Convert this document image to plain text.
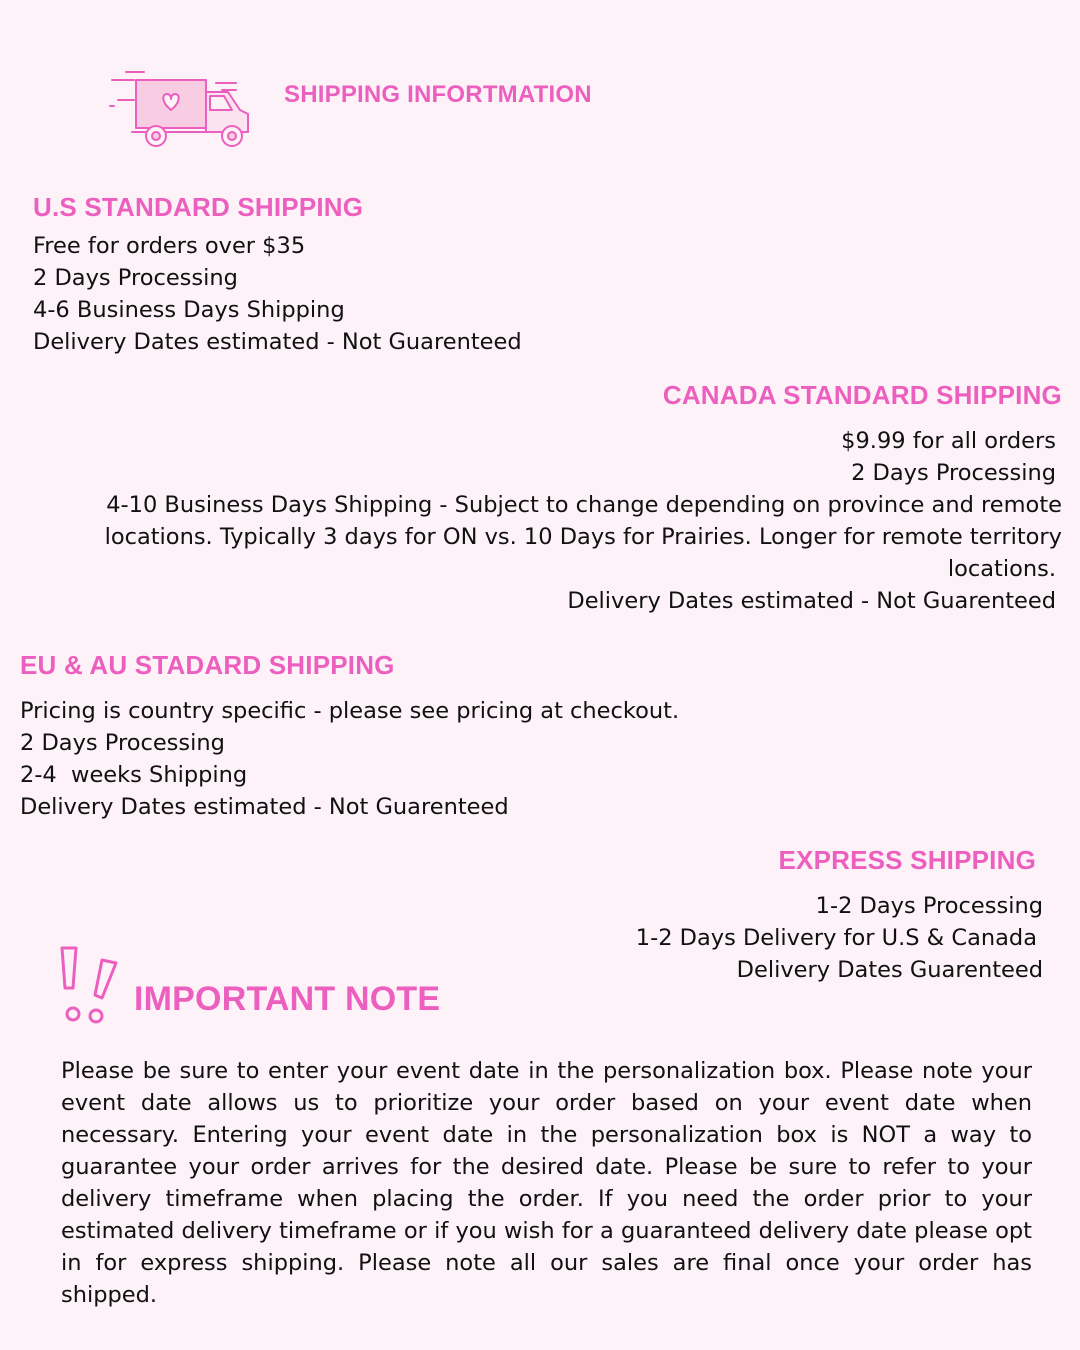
SHIPPING INFORTMATION
U.S STANDARD SHIPPING
Free for orders over $35
2 Days Processing
4-6 Business Days Shipping
Delivery Dates estimated - Not Guarenteed
CANADA STANDARD SHIPPING
$9.99 for all orders
2 Days Processing
4-10 Business Days Shipping - Subject to change depending on province and remote
locations. Typically 3 days for ON vs. 10 Days for Prairies. Longer for remote territory
locations.
Delivery Dates estimated - Not Guarenteed
EU & AU STADARD SHIPPING
Pricing is country specific - please see pricing at checkout.
2 Days Processing
2-4  weeks Shipping
Delivery Dates estimated - Not Guarenteed
EXPRESS SHIPPING
1-2 Days Processing
1-2 Days Delivery for U.S & Canada
Delivery Dates Guarenteed
IMPORTANT NOTE
Please be sure to enter your event date in the personalization box. Please note your event date allows us to prioritize your order based on your event date when necessary. Entering your event date in the personalization box is NOT a way to guarantee your order arrives for the desired date. Please be sure to refer to your delivery timeframe when placing the order. If you need the order prior to your estimated delivery timeframe or if you wish for a guaranteed delivery date please opt in for express shipping. Please note all our sales are final once your order has shipped.
